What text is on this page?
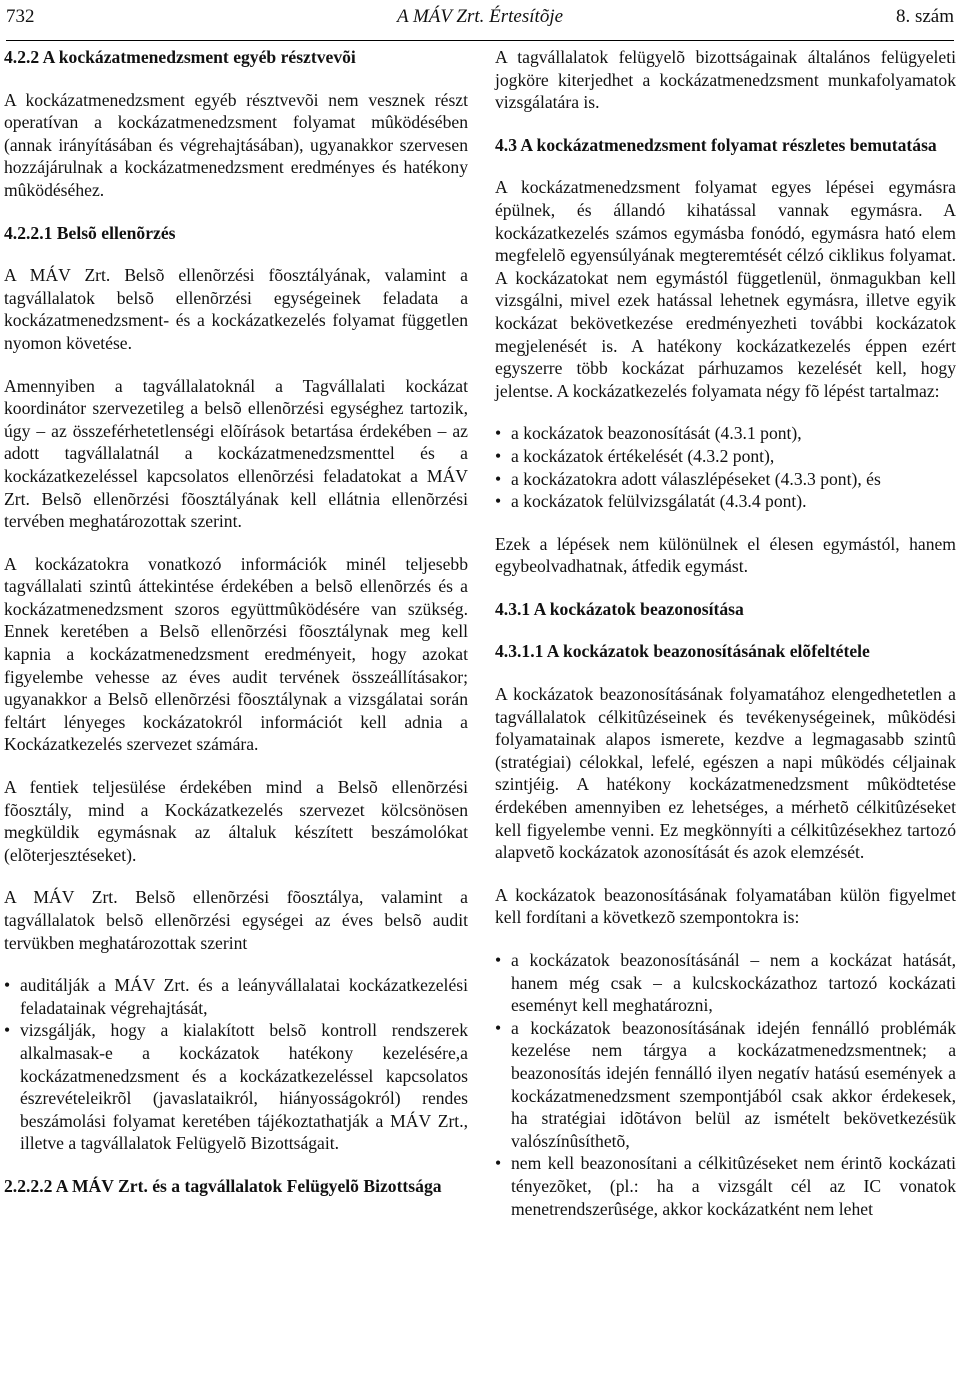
732	A MÁV Zrt. Értesítõje	8. szám
4.2.2 A kockázatmenedzsment egyéb résztvevõi

A kockázatmenedzsment egyéb résztvevõi nem vesznek részt operatívan a kockázatmenedzsment folyamat mûködésében (annak irányításában és végrehajtásában), ugyanakkor szervesen hozzájárulnak a kockázatmenedzsment eredményes és hatékony mûködéséhez.

4.2.2.1 Belsõ ellenõrzés

A MÁV Zrt. Belsõ ellenõrzési fõosztályának, valamint a tagvállalatok belsõ ellenõrzési egységeinek feladata a kockázatmenedzsment- és a kockázatkezelés folyamat független nyomon követése.

Amennyiben a tagvállalatoknál a Tagvállalati kockázat koordinátor szervezetileg a belsõ ellenõrzési egységhez tartozik, úgy – az összeférhetetlenségi elõírások betartása érdekében – az adott tagvállalatnál a kockázatmenedzsmenttel és a kockázatkezeléssel kapcsolatos ellenõrzési feladatokat a MÁV Zrt. Belsõ ellenõrzési fõosztályának kell ellátnia ellenõrzési tervében meghatározottak szerint.

A kockázatokra vonatkozó információk minél teljesebb tagvállalati szintû áttekintése érdekében a belsõ ellenõrzés és a kockázatmenedzsment szoros együttmûködésére van szükség. Ennek keretében a Belsõ ellenõrzési fõosztálynak meg kell kapnia a kockázatmenedzsment eredményeit, hogy azokat figyelembe vehesse az éves audit tervének összeállításakor; ugyanakkor a Belsõ ellenõrzési fõosztálynak a vizsgálatai során feltárt lényeges kockázatokról információt kell adnia a Kockázatkezelés szervezet számára.

A fentiek teljesülése érdekében mind a Belsõ ellenõrzési fõosztály, mind a Kockázatkezelés szervezet kölcsönösen megküldik egymásnak az általuk készített beszámolókat (elõterjesztéseket).

A MÁV Zrt. Belsõ ellenõrzési fõosztálya, valamint a tagvállalatok belsõ ellenõrzési egységei az éves belsõ audit tervükben meghatározottak szerint

• auditálják a MÁV Zrt. és a leányvállalatai kockázatkezelési feladatainak végrehajtását,
• vizsgálják, hogy a kialakított belsõ kontroll rendszerek alkalmasak-e a kockázatok hatékony kezelésére,a kockázatmenedzsment és a kockázatkezeléssel kapcsolatos észrevételeikrõl (javaslataikról, hiányosságokról) rendes beszámolási folyamat keretében tájékoztathatják a MÁV Zrt., illetve a tagvállalatok Felügyelõ Bizottságait.
2.2.2.2 A MÁV Zrt. és a tagvállalatok Felügyelõ Bizottsága

A tagvállalatok felügyelõ bizottságainak általános felügyeleti jogköre kiterjedhet a kockázatmenedzsment munkafolyamatok vizsgálatára is.

4.3 A kockázatmenedzsment folyamat részletes bemutatása

A kockázatmenedzsment folyamat egyes lépései egymásra épülnek, és állandó kihatással vannak egymásra. A kockázatkezelés számos egymásba fonódó, egymásra ható elem megfelelõ egyensúlyának megteremtését célzó ciklikus folyamat. A kockázatokat nem egymástól függetlenül, önmagukban kell vizsgálni, mivel ezek hatással lehetnek egymásra, illetve egyik kockázat bekövetkezése eredményezheti további kockázatok megjelenését is. A hatékony kockázatkezelés éppen ezért egyszerre több kockázat párhuzamos kezelését kell, hogy jelentse. A kockázatkezelés folyamata négy fõ lépést tartalmaz:

• a kockázatok beazonosítását (4.3.1 pont),
• a kockázatok értékelését (4.3.2 pont),
• a kockázatokra adott válaszlépéseket (4.3.3 pont), és
• a kockázatok felülvizsgálatát (4.3.4 pont).

Ezek a lépések nem különülnek el élesen egymástól, hanem egybeolvadhatnak, átfedik egymást.

4.3.1 A kockázatok beazonosítása
4.3.1.1 A kockázatok beazonosításának elõfeltétele

A kockázatok beazonosításának folyamatához elengedhetetlen a tagvállalatok célkitûzéseinek és tevékenységeinek, mûködési folyamatainak alapos ismerete, kezdve a legmagasabb szintû (stratégiai) célokkal, lefelé, egészen a napi mûködés céljainak szintjéig. A hatékony kockázatmenedzsment mûködtetése érdekében amennyiben ez lehetséges, a mérhetõ célkitûzéseket kell figyelembe venni. Ez megkönnyíti a célkitûzésekhez tartozó alapvetõ kockázatok azonosítását és azok elemzését.

A kockázatok beazonosításának folyamatában külön figyelmet kell fordítani a következõ szempontokra is:

• a kockázatok beazonosításánál – nem a kockázat hatását, hanem még csak – a kulcskockázathoz tartozó kockázati eseményt kell meghatározni,
• a kockázatok beazonosításának idején fennálló problémák kezelése nem tárgya a kockázatmenedzsmentnek; a beazonosítás idején fennálló ilyen negatív hatású események a kockázatmenedzsment szempontjából csak akkor érdekesek, ha stratégiai idõtávon belül az ismételt bekövetkezésük valószínûsíthetõ,
• nem kell beazonosítani a célkitûzéseket nem érintõ kockázati tényezõket, (pl.: ha a vizsgált cél az IC vonatok menetrendszerûsége, akkor kockázatként nem lehet
